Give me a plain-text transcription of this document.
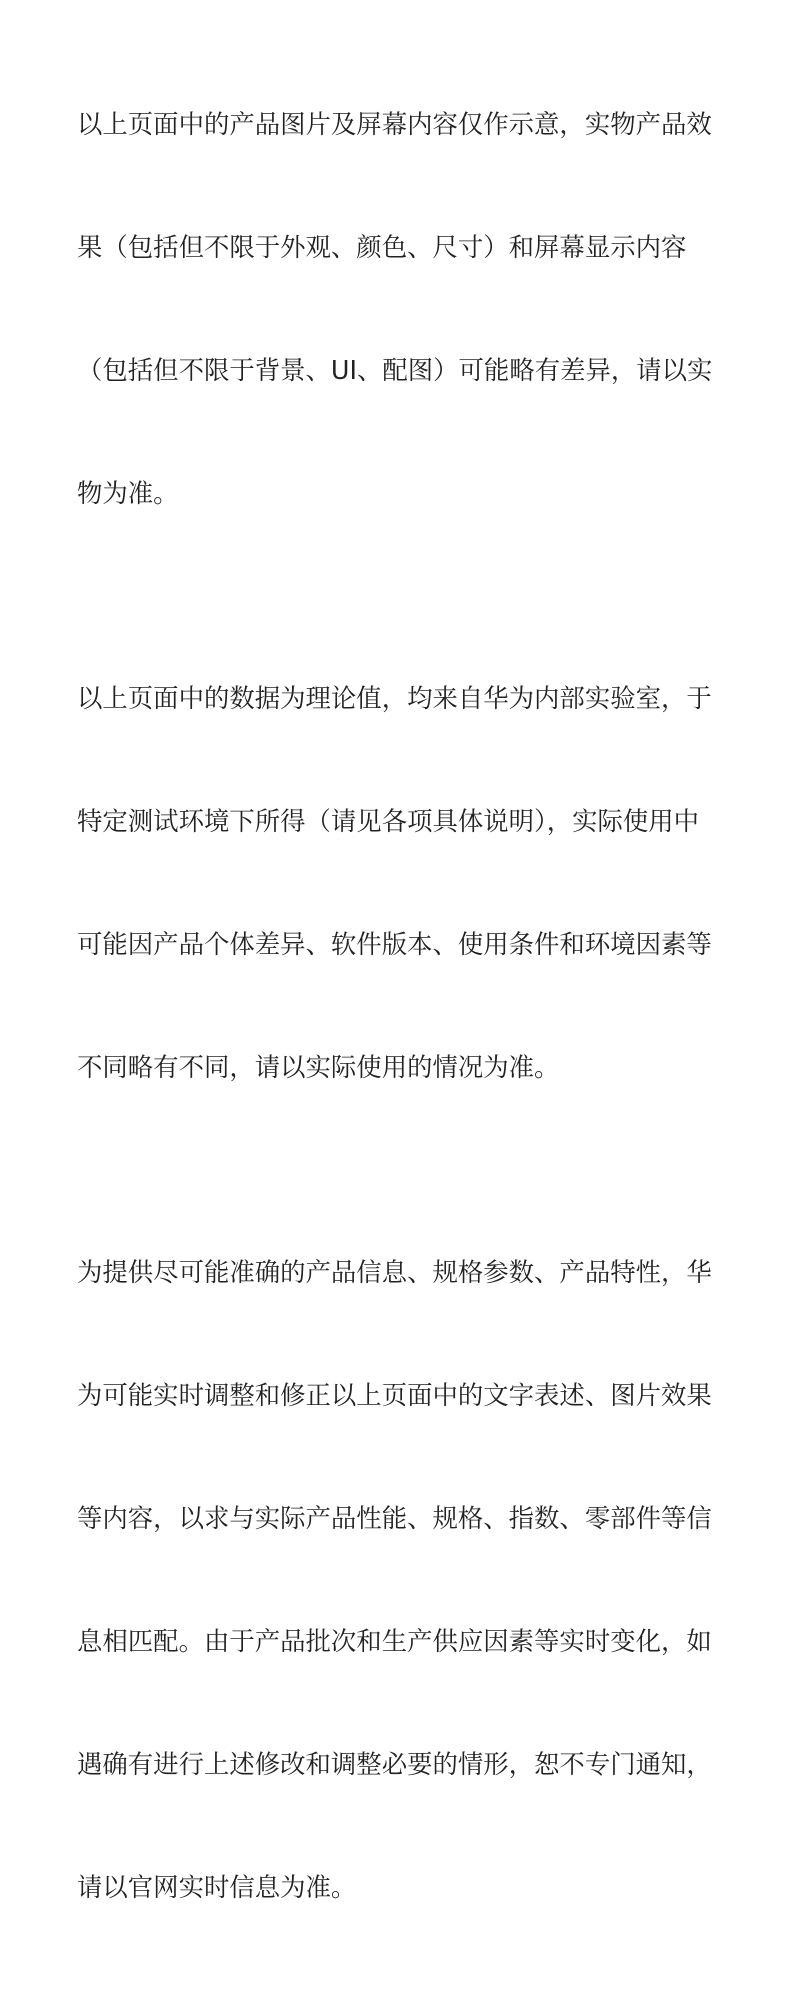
以上页面中的产品图片及屏幕内容仅作示意，实物产品效

果（包括但不限于外观、颜色、尺寸）和屏幕显示内容

（包括但不限于背景、UI、配图）可能略有差异，请以实

物为准。

以上页面中的数据为理论值，均来自华为内部实验室，于

特定测试环境下所得（请见各项具体说明），实际使用中

可能因产品个体差异、软件版本、使用条件和环境因素等

不同略有不同，请以实际使用的情况为准。

为提供尽可能准确的产品信息、规格参数、产品特性，华

为可能实时调整和修正以上页面中的文字表述、图片效果

等内容，以求与实际产品性能、规格、指数、零部件等信

息相匹配。由于产品批次和生产供应因素等实时变化，如

遇确有进行上述修改和调整必要的情形，恕不专门通知，

请以官网实时信息为准。
